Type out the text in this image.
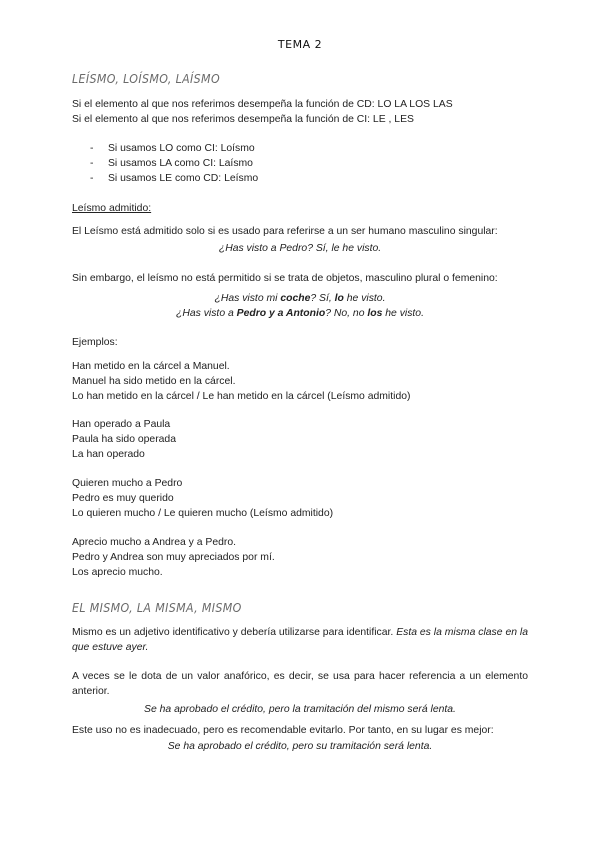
TEMA 2
LEÍSMO, LOÍSMO, LAÍSMO
Si el elemento al que nos referimos desempeña la función de CD: LO LA LOS LAS
Si el elemento al que nos referimos desempeña la función de CI: LE , LES
- Si usamos LO como CI: Loísmo
- Si usamos LA como CI: Laísmo
- Si usamos LE como CD: Leísmo
Leísmo admitido:
El Leísmo está admitido solo si es usado para referirse a un ser humano masculino singular:
¿Has visto a Pedro? Sí, le he visto.
Sin embargo, el leísmo no está permitido si se trata de objetos, masculino plural o femenino:
¿Has visto mi coche? Sí, lo he visto.
¿Has visto a Pedro y a Antonio? No, no los he visto.
Ejemplos:
Han metido en la cárcel a Manuel.
Manuel ha sido metido en la cárcel.
Lo han metido en la cárcel / Le han metido en la cárcel (Leísmo admitido)
Han operado a Paula
Paula ha sido operada
La han operado
Quieren mucho a Pedro
Pedro es muy querido
Lo quieren mucho / Le quieren mucho (Leísmo admitido)
Aprecio mucho a Andrea y a Pedro.
Pedro y Andrea son muy apreciados por mí.
Los aprecio mucho.
EL MISMO, LA MISMA, MISMO
Mismo es un adjetivo identificativo y debería utilizarse para identificar. Esta es la misma clase en la que estuve ayer.
A veces se le dota de un valor anafórico, es decir, se usa para hacer referencia a un elemento anterior.
Se ha aprobado el crédito, pero la tramitación del mismo será lenta.
Este uso no es inadecuado, pero es recomendable evitarlo. Por tanto, en su lugar es mejor:
Se ha aprobado el crédito, pero su tramitación será lenta.
